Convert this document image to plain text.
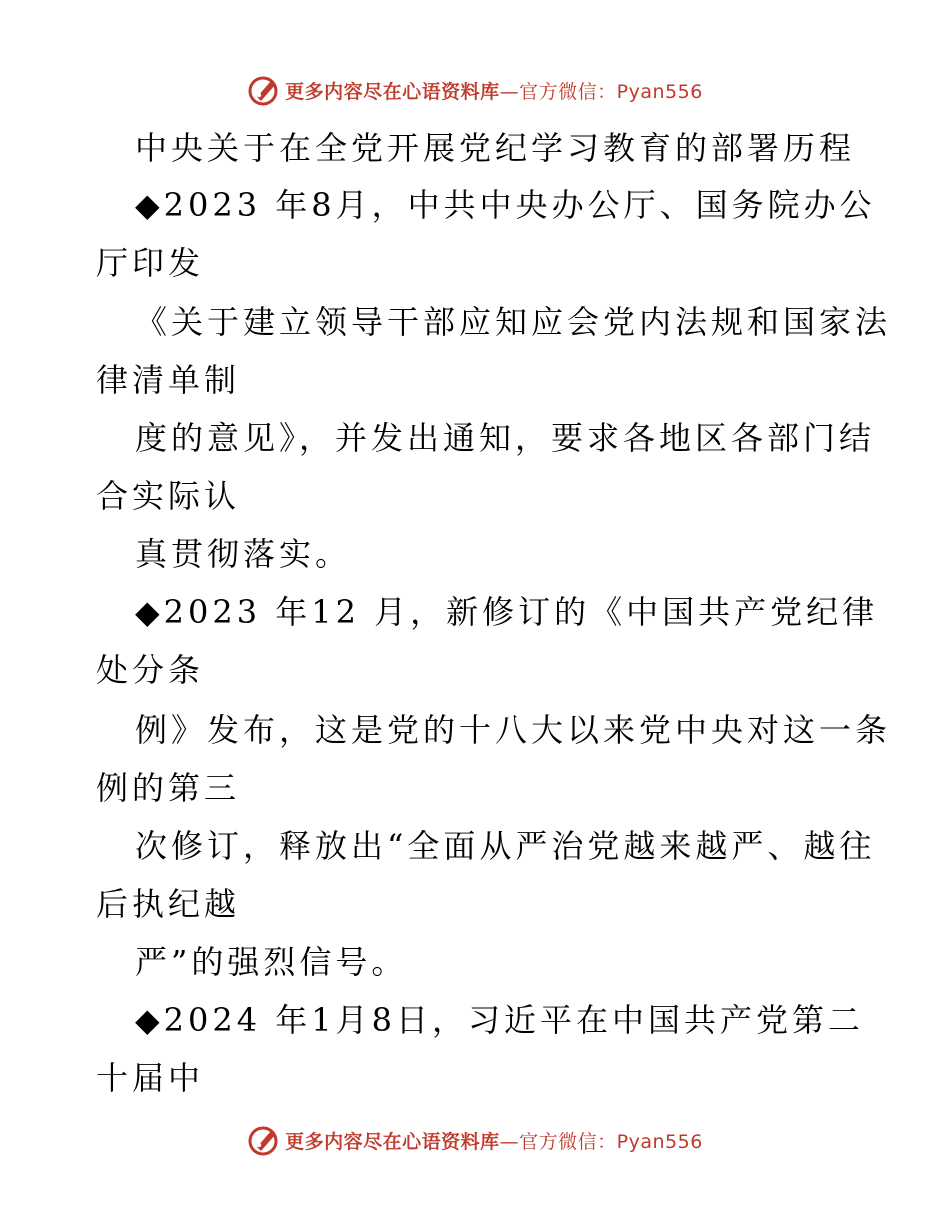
更多内容尽在心语资料库—官方微信：Pyan556
中央关于在全党开展党纪学习教育的部署历程
◆2023 年8月，中共中央办公厅、国务院办公
厅印发
《关于建立领导干部应知应会党内法规和国家法
律清单制
度的意见》，并发出通知，要求各地区各部门结
合实际认
真贯彻落实。
◆2023 年12 月，新修订的《中国共产党纪律
处分条
例》发布，这是党的十八大以来党中央对这一条
例的第三
次修订，释放出“全面从严治党越来越严、越往
后执纪越
严”的强烈信号。
◆2024 年1月8日，习近平在中国共产党第二
十届中
更多内容尽在心语资料库—官方微信：Pyan556
